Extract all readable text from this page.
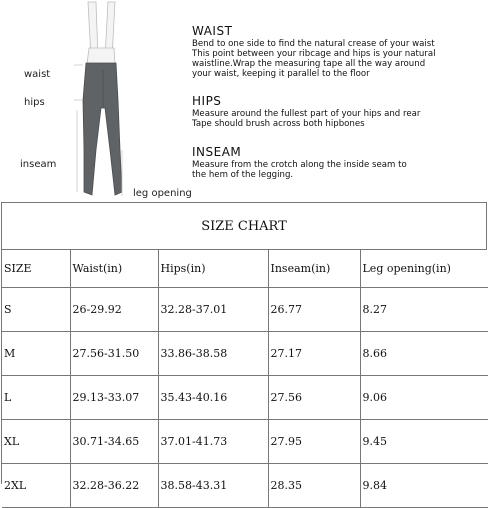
waist
hips
inseam
leg opening
WAIST

Bend to one side to find the natural crease of your waist
This point between your ribcage and hips is your natural
waistline.Wrap the measuring tape all the way around
your waist, keeping it parallel to the floor

HIPS

Measure around the fullest part of your hips and rear
Tape should brush across both hipbones

INSEAM

Measure from the crotch along the inside seam to
the hem of the legging.

SIZE CHART
SIZE	Waist(in)	Hips(in)	Inseam(in)	Leg opening(in)
S	26-29.92	32.28-37.01	26.77	8.27
M	27.56-31.50	33.86-38.58	27.17	8.66
L	29.13-33.07	35.43-40.16	27.56	9.06
XL	30.71-34.65	37.01-41.73	27.95	9.45
2XL	32.28-36.22	38.58-43.31	28.35	9.84
